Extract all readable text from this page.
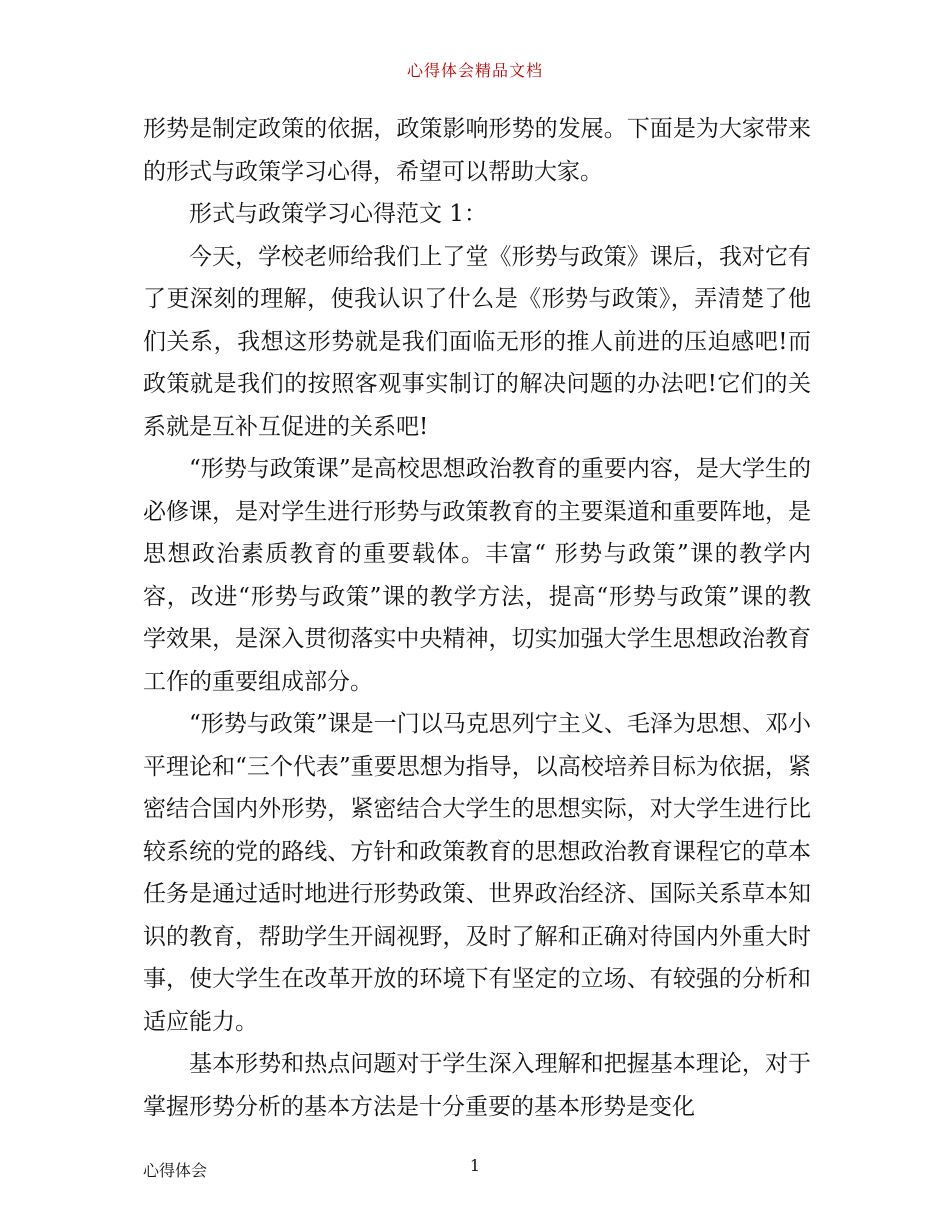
心得体会精品文档

形势是制定政策的依据，政策影响形势的发展。下面是为大家带来的形式与政策学习心得，希望可以帮助大家。

形式与政策学习心得范文 1：

今天，学校老师给我们上了堂《形势与政策》课后，我对它有了更深刻的理解，使我认识了什么是《形势与政策》，弄清楚了他们关系，我想这形势就是我们面临无形的推人前进的压迫感吧!而政策就是我们的按照客观事实制订的解决问题的办法吧!它们的关系就是互补互促进的关系吧!

“形势与政策课”是高校思想政治教育的重要内容，是大学生的必修课，是对学生进行形势与政策教育的主要渠道和重要阵地，是思想政治素质教育的重要载体。丰富“ 形势与政策”课的教学内容，改进“形势与政策”课的教学方法，提高“形势与政策”课的教学效果，是深入贯彻落实中央精神，切实加强大学生思想政治教育工作的重要组成部分。

“形势与政策”课是一门以马克思列宁主义、毛泽为思想、邓小平理论和“三个代表”重要思想为指导，以高校培养目标为依据，紧密结合国内外形势，紧密结合大学生的思想实际，对大学生进行比较系统的党的路线、方针和政策教育的思想政治教育课程它的草本任务是通过适时地进行形势政策、世界政治经济、国际关系草本知识的教育，帮助学生开阔视野，及时了解和正确对待国内外重大时事，使大学生在改革开放的环境下有坚定的立场、有较强的分析和适应能力。

基本形势和热点问题对于学生深入理解和把握基本理论，对于掌握形势分析的基本方法是十分重要的基本形势是变化

心得体会	1
